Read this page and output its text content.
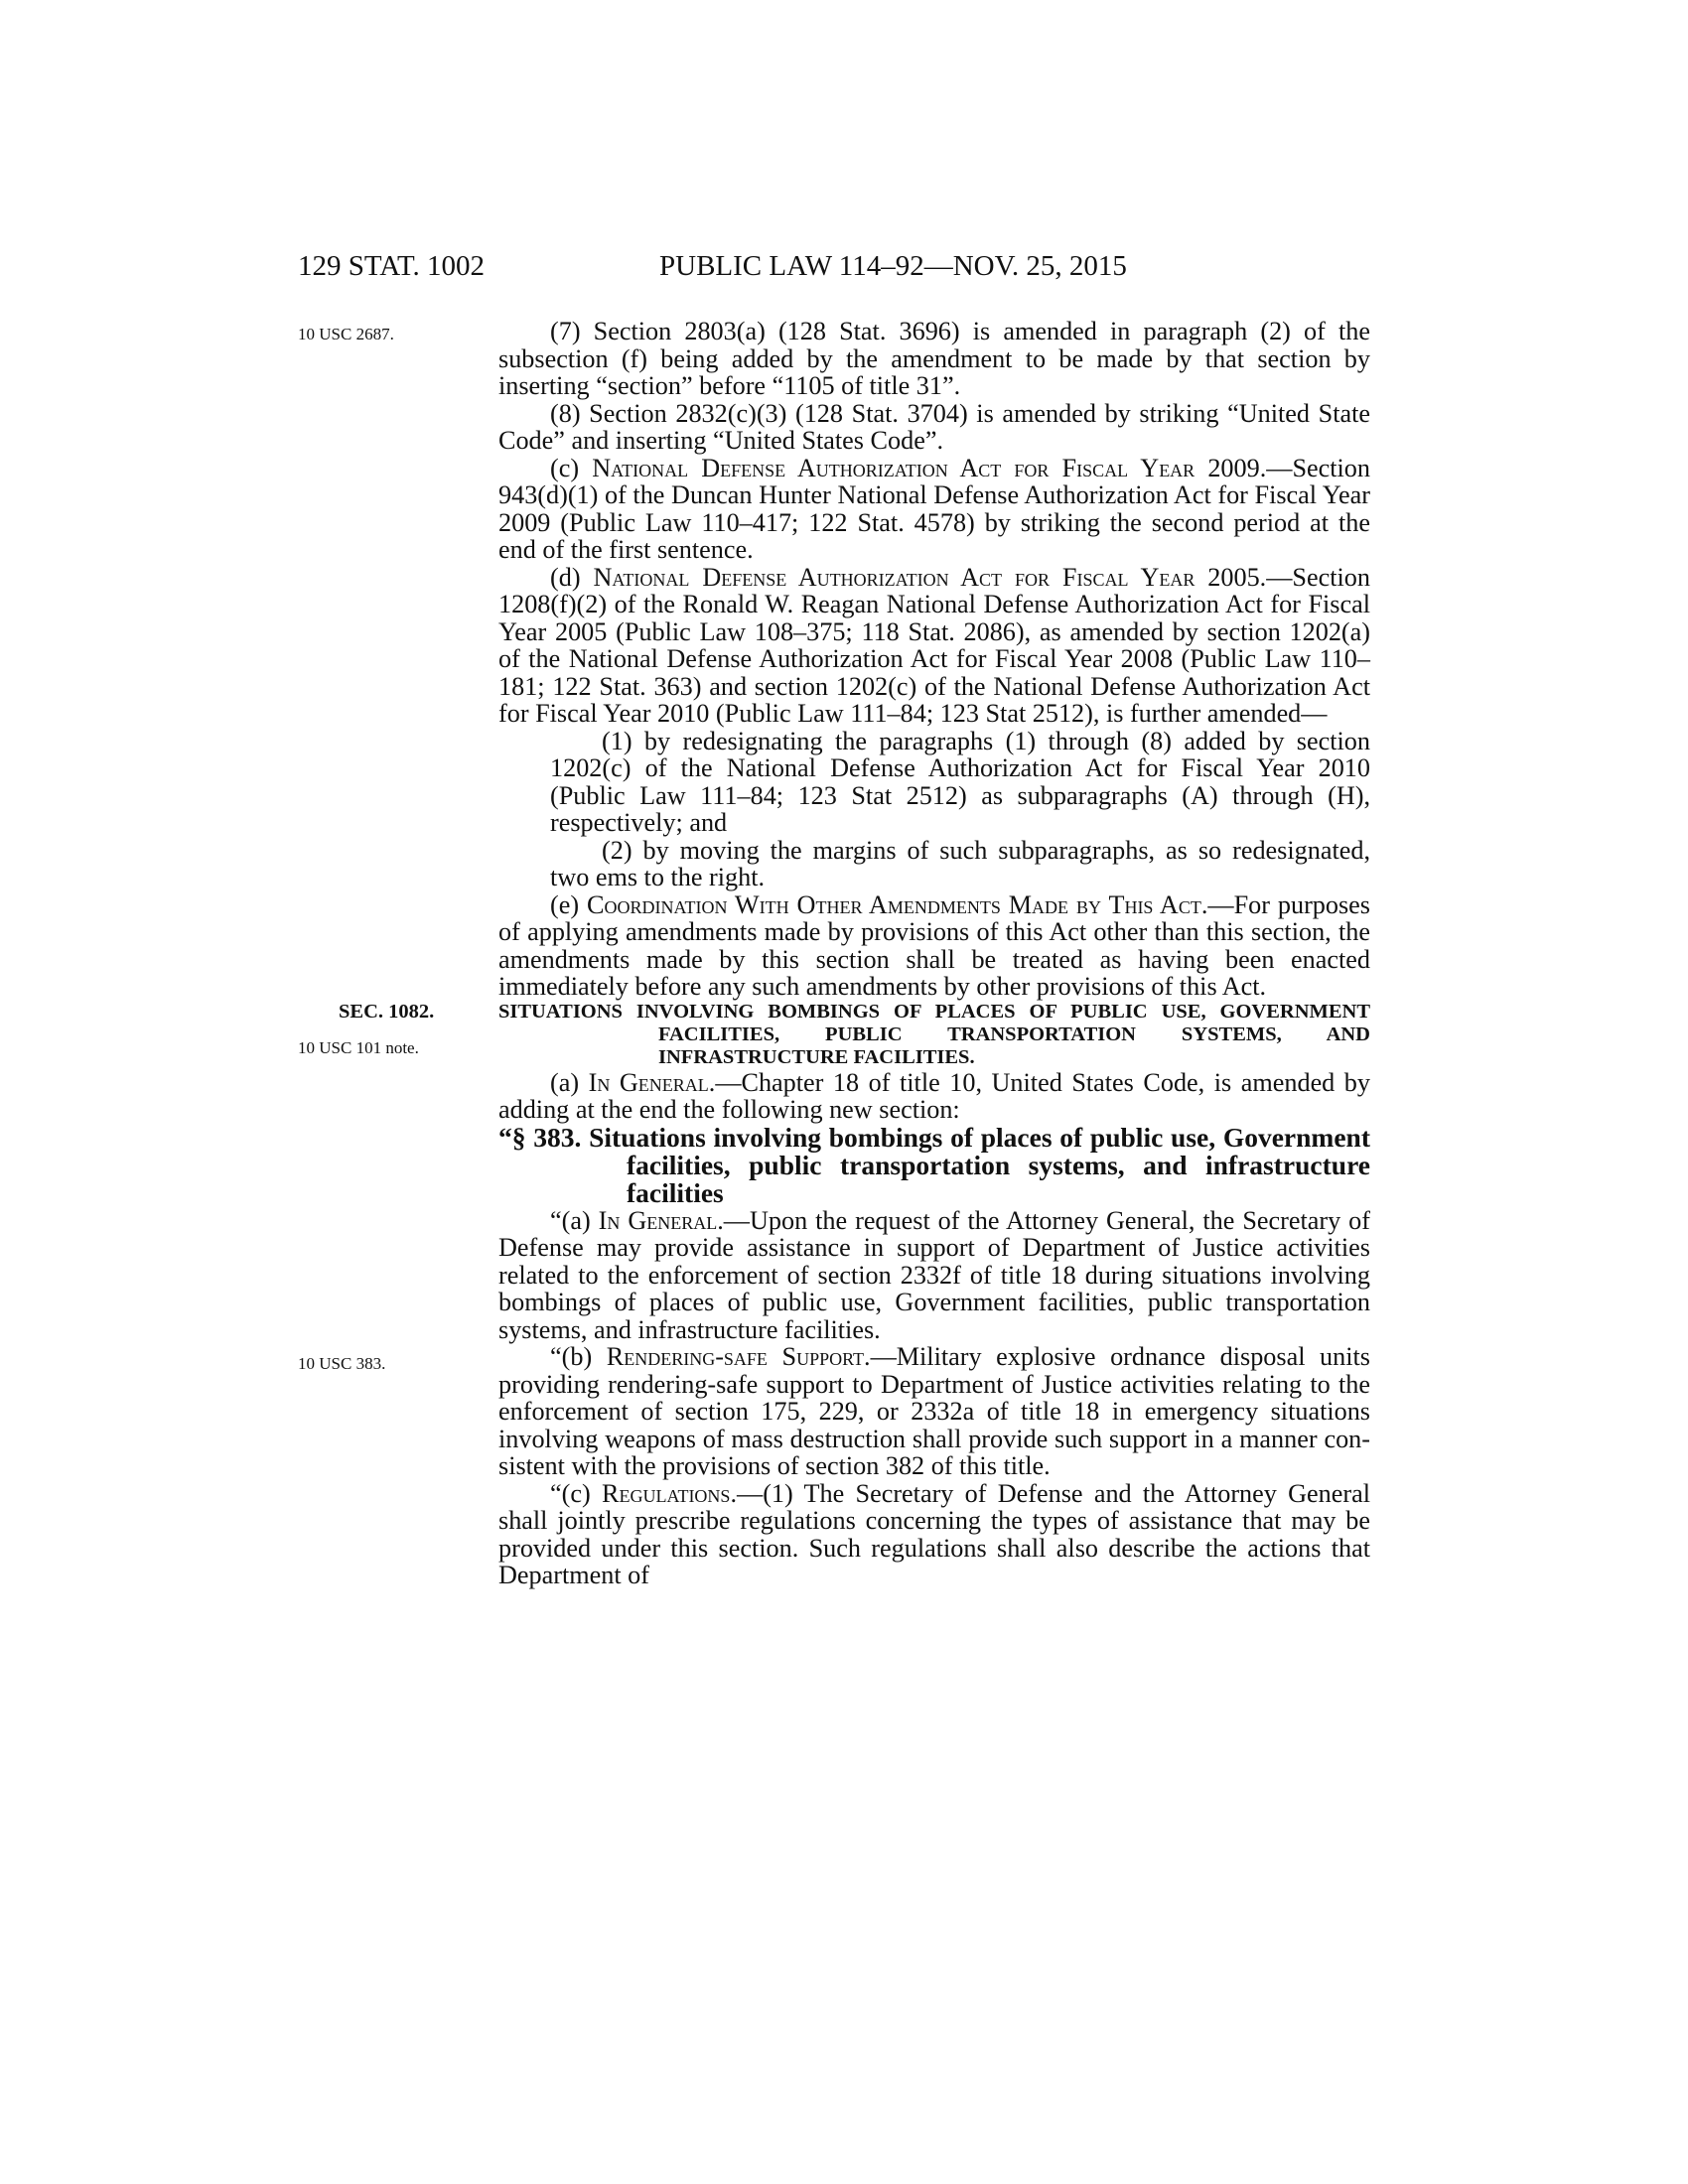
129 STAT. 1002	PUBLIC LAW 114–92—NOV. 25, 2015
10 USC 2687.
10 USC 101 note.
10 USC 383.

(7) Section 2803(a) (128 Stat. 3696) is amended in paragraph (2) of the subsection (f) being added by the amendment to be made by that section by inserting “section” before “1105 of title 31”.

(8) Section 2832(c)(3) (128 Stat. 3704) is amended by striking “United State Code” and inserting “United States Code”.

(c) National Defense Authorization Act for Fiscal Year 2009.—Section 943(d)(1) of the Duncan Hunter National Defense Authorization Act for Fiscal Year 2009 (Public Law 110–417; 122 Stat. 4578) by striking the second period at the end of the first sentence.

(d) National Defense Authorization Act for Fiscal Year 2005.—Section 1208(f)(2) of the Ronald W. Reagan National Defense Authorization Act for Fiscal Year 2005 (Public Law 108–375; 118 Stat. 2086), as amended by section 1202(a) of the National Defense Authorization Act for Fiscal Year 2008 (Public Law 110–181; 122 Stat. 363) and section 1202(c) of the National Defense Authorization Act for Fiscal Year 2010 (Public Law 111–84; 123 Stat 2512), is further amended—

(1) by redesignating the paragraphs (1) through (8) added by section 1202(c) of the National Defense Authorization Act for Fiscal Year 2010 (Public Law 111–84; 123 Stat 2512) as subparagraphs (A) through (H), respectively; and

(2) by moving the margins of such subparagraphs, as so redesignated, two ems to the right.

(e) Coordination With Other Amendments Made by This Act.—For purposes of applying amendments made by provisions of this Act other than this section, the amendments made by this section shall be treated as having been enacted immediately before any such amendments by other provisions of this Act.

SEC. 1082.	SITUATIONS INVOLVING BOMBINGS OF PLACES OF PUBLIC USE, GOVERNMENT FACILITIES, PUBLIC TRANSPORTATION SYSTEMS, AND INFRASTRUCTURE FACILITIES.

(a) In General.—Chapter 18 of title 10, United States Code, is amended by adding at the end the following new section:

“§ 383. Situations involving bombings of places of public use, Government facilities, public transportation systems, and infrastructure facilities

“(a) In General.—Upon the request of the Attorney General, the Secretary of Defense may provide assistance in support of Department of Justice activities related to the enforcement of section 2332f of title 18 during situations involving bombings of places of public use, Government facilities, public transportation systems, and infrastructure facilities.

“(b) Rendering-safe Support.—Military explosive ordnance disposal units providing rendering-safe support to Department of Justice activities relating to the enforcement of section 175, 229, or 2332a of title 18 in emergency situations involving weapons of mass destruction shall provide such support in a manner consistent with the provisions of section 382 of this title.

“(c) Regulations.—(1) The Secretary of Defense and the Attorney General shall jointly prescribe regulations concerning the types of assistance that may be provided under this section. Such regulations shall also describe the actions that Department of
